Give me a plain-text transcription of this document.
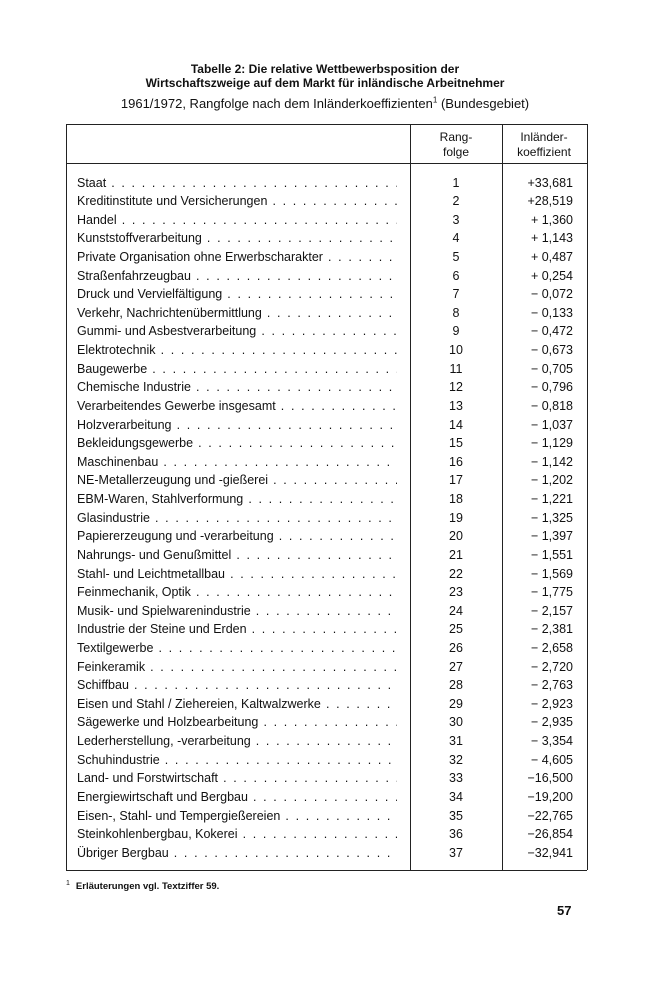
Tabelle 2: Die relative Wettbewerbsposition der
Wirtschaftszweige auf dem Markt für inländische Arbeitnehmer
1961/1972, Rangfolge nach dem Inländerkoeffizienten$^1$ (Bundesgebiet)
Rang-
folge
Inländer-
koeffizient
Staat . . .	1	+33,681
Kreditinstitute und Versicherungen . . .	2	+28,519
Handel . . .	3	+ 1,360
Kunststoffverarbeitung . . .	4	+ 1,143
Private Organisation ohne Erwerbscharakter . . .	5	+ 0,487
Straßenfahrzeugbau . . .	6	+ 0,254
Druck und Vervielfältigung . . .	7	− 0,072
Verkehr, Nachrichtenübermittlung . . .	8	− 0,133
Gummi- und Asbestverarbeitung . . .	9	− 0,472
Elektrotechnik . . .	10	− 0,673
Baugewerbe . . .	11	− 0,705
Chemische Industrie . . .	12	− 0,796
Verarbeitendes Gewerbe insgesamt . . .	13	− 0,818
Holzverarbeitung . . .	14	− 1,037
Bekleidungsgewerbe . . .	15	− 1,129
Maschinenbau . . .	16	− 1,142
NE-Metallerzeugung und -gießerei . . .	17	− 1,202
EBM-Waren, Stahlverformung . . .	18	− 1,221
Glasindustrie . . .	19	− 1,325
Papiererzeugung und -verarbeitung . . .	20	− 1,397
Nahrungs- und Genußmittel . . .	21	− 1,551
Stahl- und Leichtmetallbau . . .	22	− 1,569
Feinmechanik, Optik . . .	23	− 1,775
Musik- und Spielwarenindustrie . . .	24	− 2,157
Industrie der Steine und Erden . . .	25	− 2,381
Textilgewerbe . . .	26	− 2,658
Feinkeramik . . .	27	− 2,720
Schiffbau . . .	28	− 2,763
Eisen und Stahl / Ziehereien, Kaltwalzwerke . . .	29	− 2,923
Sägewerke und Holzbearbeitung . . .	30	− 2,935
Lederherstellung, -verarbeitung . . .	31	− 3,354
Schuhindustrie . . .	32	− 4,605
Land- und Forstwirtschaft . . .	33	−16,500
Energiewirtschaft und Bergbau . . .	34	−19,200
Eisen-, Stahl- und Tempergießereien . . .	35	−22,765
Steinkohlenbergbau, Kokerei . . .	36	−26,854
Übriger Bergbau . . .	37	−32,941
$^1$ Erläuterungen vgl. Textziffer 59.
57
